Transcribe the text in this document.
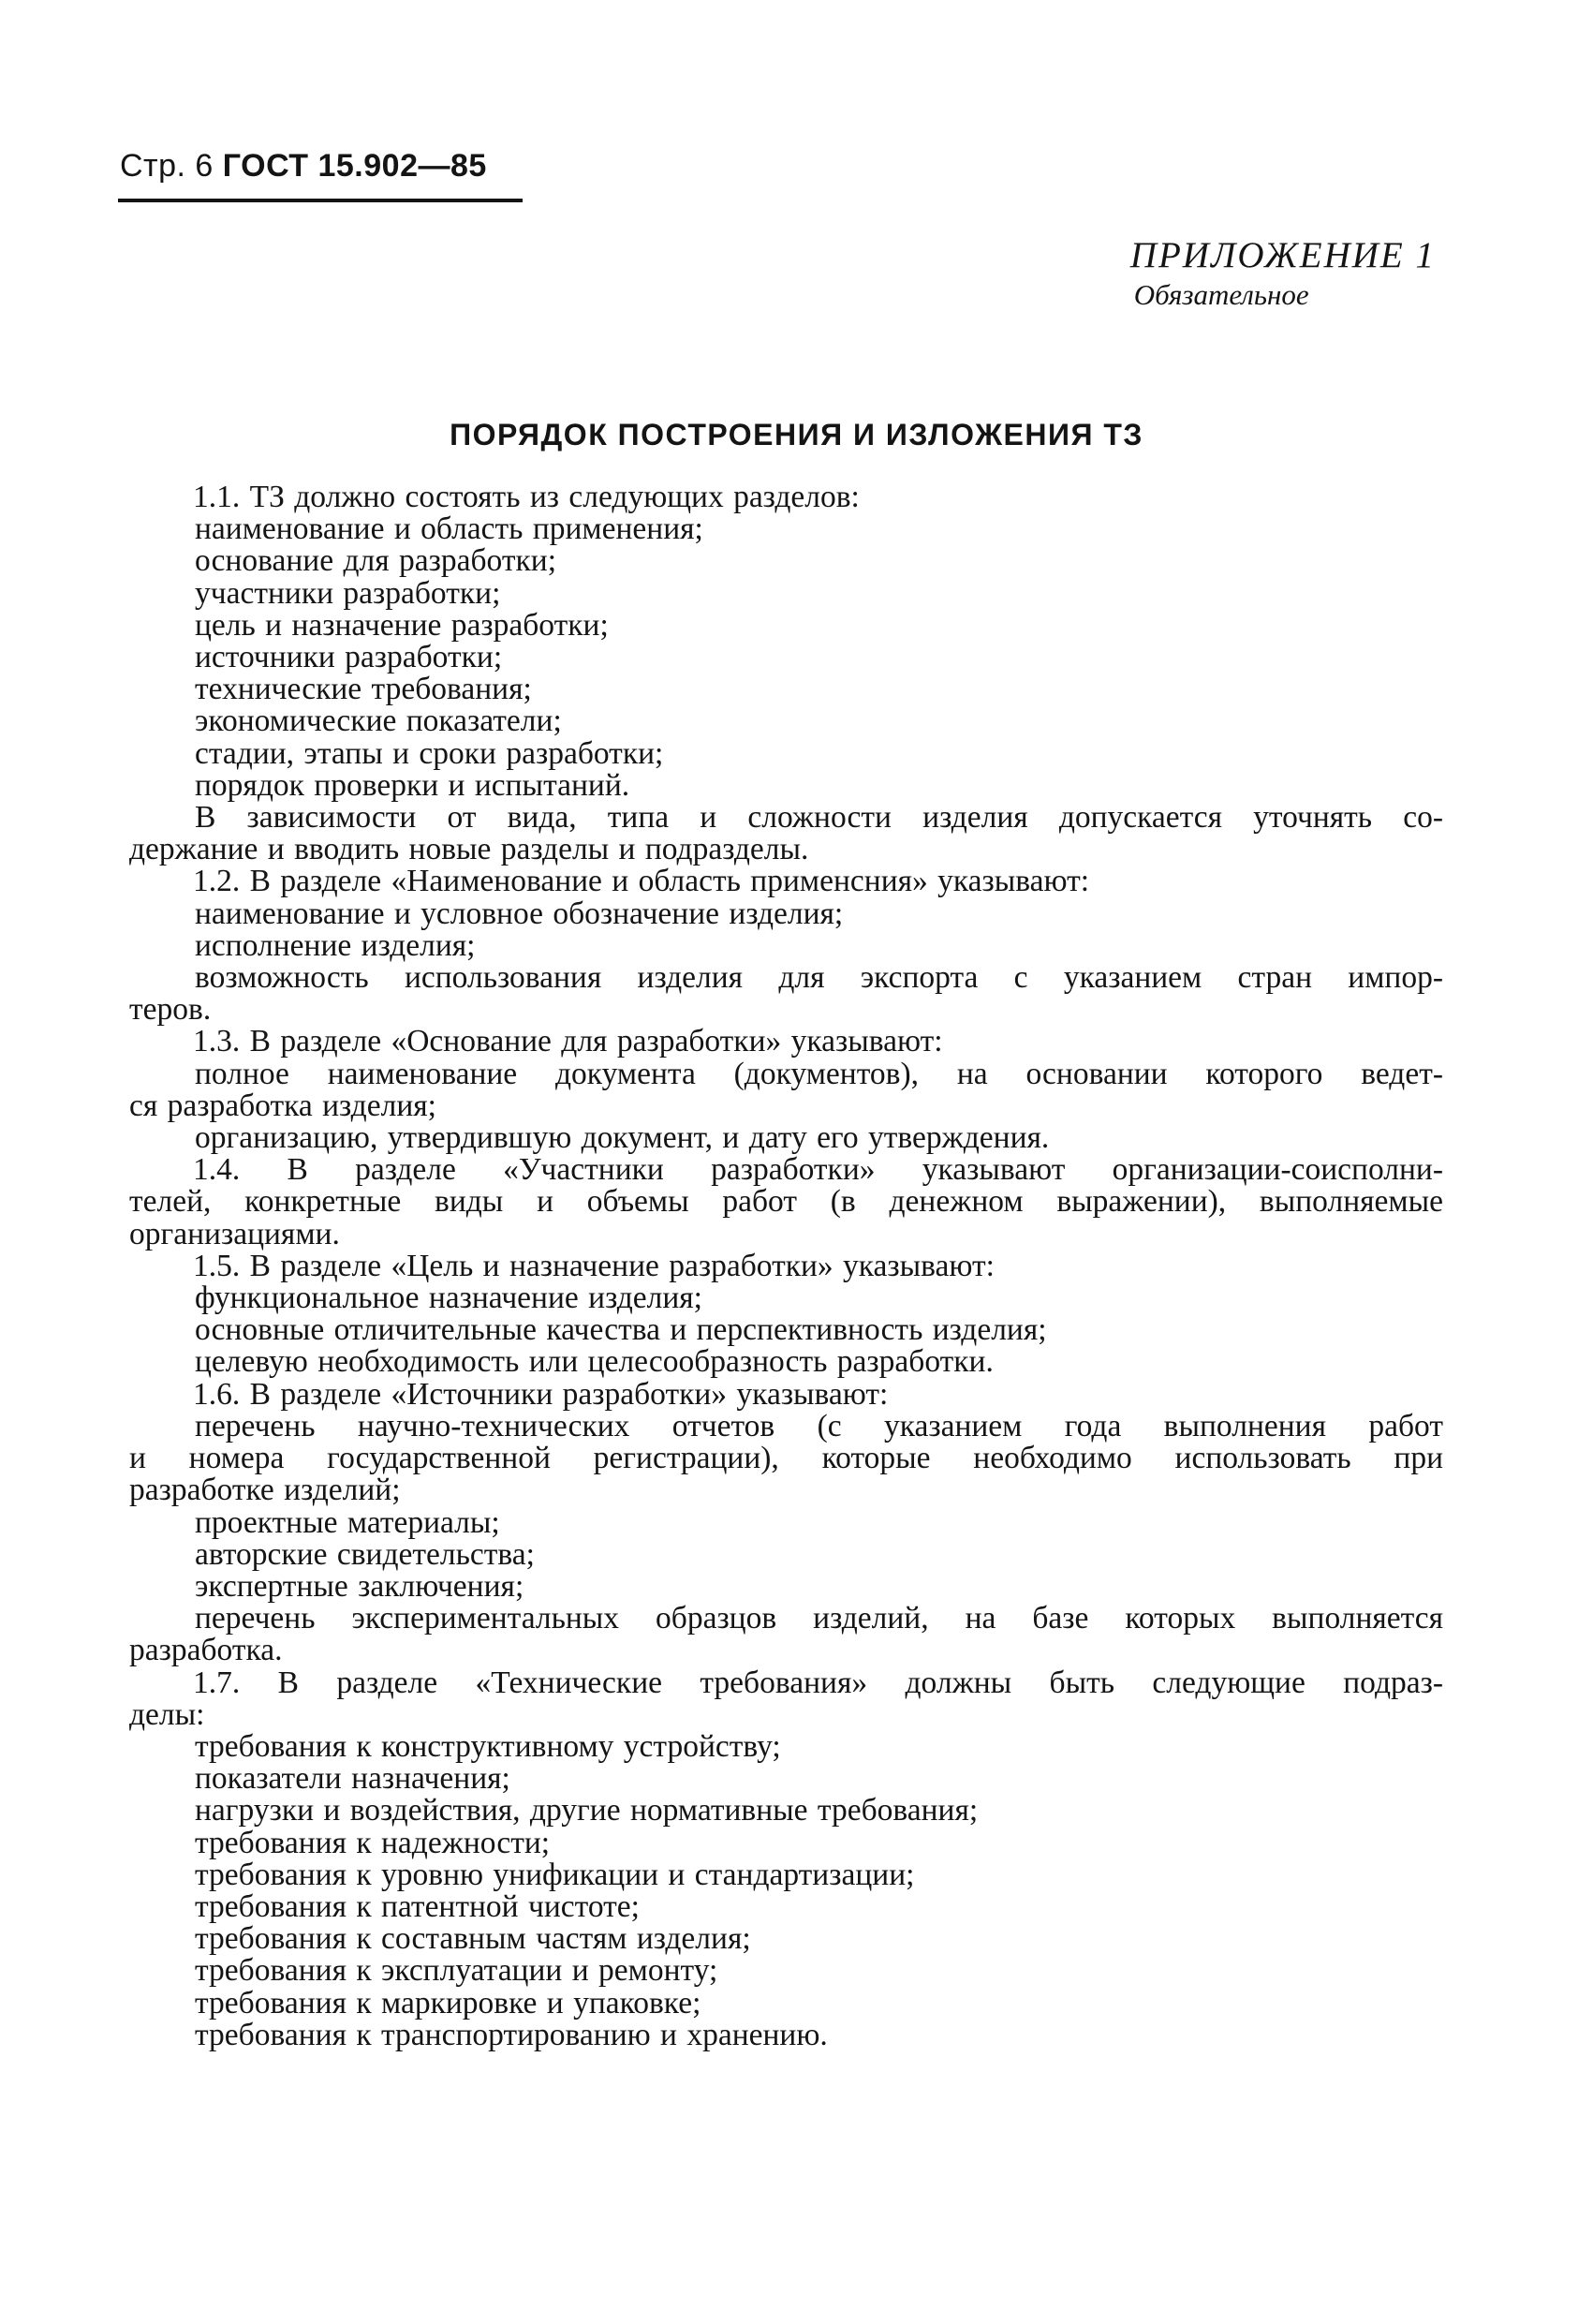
Стр. 6 ГОСТ 15.902—85
ПРИЛОЖЕНИЕ 1
Обязательное
ПОРЯДОК ПОСТРОЕНИЯ И ИЗЛОЖЕНИЯ ТЗ
1.1. ТЗ должно состоять из следующих разделов:
наименование и область применения;
основание для разработки;
участники разработки;
цель и назначение разработки;
источники разработки;
технические требования;
экономические показатели;
стадии, этапы и сроки разработки;
порядок проверки и испытаний.
В зависимости от вида, типа и сложности изделия допускается уточнять со-
держание и вводить новые разделы и подразделы.
1.2. В разделе «Наименование и область применсния» указывают:
наименование и условное обозначение изделия;
исполнение изделия;
возможность использования изделия для экспорта с указанием стран импор-
теров.
1.3. В разделе «Основание для разработки» указывают:
полное наименование документа (документов), на основании которого ведет-
ся разработка изделия;
организацию, утвердившую документ, и дату его утверждения.
1.4. В разделе «Участники разработки» указывают организации-соисполни-
телей, конкретные виды и объемы работ (в денежном выражении), выполняемые
организациями.
1.5. В разделе «Цель и назначение разработки» указывают:
функциональное назначение изделия;
основные отличительные качества и перспективность изделия;
целевую необходимость или целесообразность разработки.
1.6. В разделе «Источники разработки» указывают:
перечень научно-технических отчетов (с указанием года выполнения работ
и номера государственной регистрации), которые необходимо использовать при
разработке изделий;
проектные материалы;
авторские свидетельства;
экспертные заключения;
перечень экспериментальных образцов изделий, на базе которых выполняется
разработка.
1.7. В разделе «Технические требования» должны быть следующие подраз-
делы:
требования к конструктивному устройству;
показатели назначения;
нагрузки и воздействия, другие нормативные требования;
требования к надежности;
требования к уровню унификации и стандартизации;
требования к патентной чистоте;
требования к составным частям изделия;
требования к эксплуатации и ремонту;
требования к маркировке и упаковке;
требования к транспортированию и хранению.
